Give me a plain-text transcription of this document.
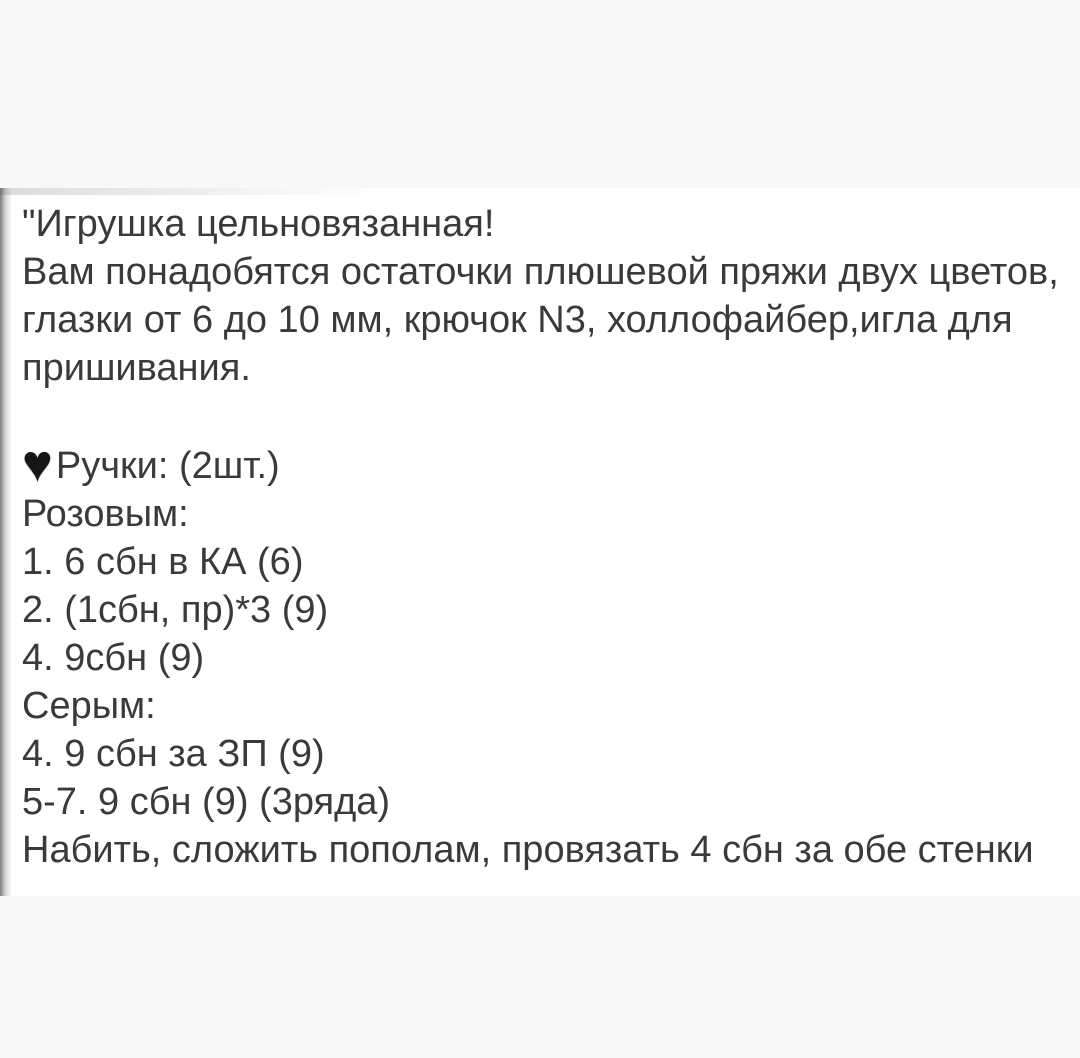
"Игрушка цельновязанная!

Вам понадобятся остаточки плюшевой пряжи двух цветов,

глазки от 6 до 10 мм, крючок N3, холлофайбер,игла для

пришивания.

♥Ручки: (2шт.)

Розовым:

1. 6 сбн в КА (6)

2. (1сбн, пр)*3 (9)

4. 9сбн (9)

Серым:

4. 9 сбн за ЗП (9)

5-7. 9 сбн (9) (3ряда)

Набить, сложить пополам, провязать 4 сбн за обе стенки
